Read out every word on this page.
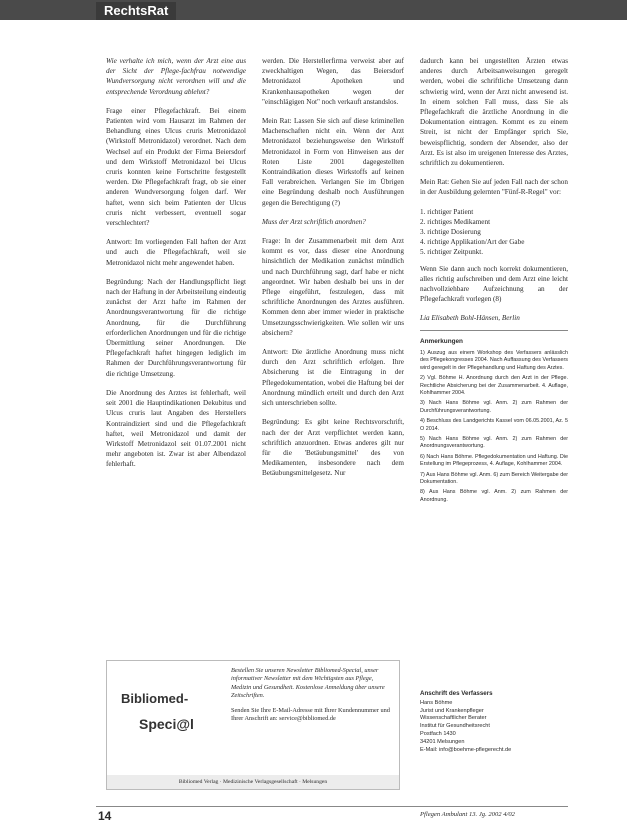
RechtsRat

Wie verhalte ich mich, wenn der Arzt eine aus der Sicht der Pflege-fachfrau notwendige Wundversorgung nicht verordnen will und die entsprechende Verordnung ablehnt?

Frage einer Pflegefachkraft. Bei einem Patienten wird vom Hausarzt im Rahmen der Behandlung eines Ulcus cruris Metronidazol (Wirkstoff Metronidazol) verordnet. Nach dem Wechsel auf ein Produkt der Firma Beiersdorf und dem Wirkstoff Metronidazol bei Ulcus cruris konnten keine Fortschritte festgestellt werden. Die Pflegefachkraft fragt, ob sie einer anderen Wundversorgung folgen darf. Wer haftet, wenn sich beim Patienten der Ulcus cruris nicht verbessert, eventuell sogar verschlechtert?

Antwort: Im vorliegenden Fall haften der Arzt und auch die Pflegefachkraft, weil sie Metronidazol nicht mehr angewendet haben.

Begründung: Nach der Handlungspflicht liegt nach der Haftung in der Arbeitsteilung eindeutig zunächst der Arzt hafte im Rahmen der Anordnungsverantwortung für die richtige Anordnung, für die Durchführung erforderlichen Anordnungen und für die richtige Übermittlung seiner Anordnungen. Die Pflegefachkraft haftet hingegen lediglich im Rahmen der Durchführungsverantwortung für die richtige Umsetzung.

Die Anordnung des Arztes ist fehlerhaft, weil seit 2001 die Hauptindikationen Dekubitus und Ulcus cruris laut Angaben des Herstellers Kontraindiziert sind und die Pflegefachkraft haftet, weil Metronidazol und damit der Wirkstoff Metronidazol seit 01.07.2001 nicht mehr angeboten ist. Zwar ist aber Albendazol fehlerhaft.

werden. Die Herstellerfirma verweist aber auf zweckhaltigen Wegen, das Beiersdorf Metronidazol Apotheken und Krankenhausapotheken wegen der "einschlägigen Not" noch verkauft anstandslos.

Mein Rat: Lassen Sie sich auf diese kriminellen Machenschaften nicht ein. Wenn der Arzt Metronidazol beziehungsweise den Wirkstoff Metronidazol in Form von Hinweisen aus der Roten Liste 2001 dagegestellten Kontraindikation dieses Wirkstoffs auf keinen Fall verabreichen. Verlangen Sie im Übrigen eine Begründung deshalb noch Ausführungen gegen die Berechtigung (?)

Muss der Arzt schriftlich anordnen?

Frage: In der Zusammenarbeit mit dem Arzt kommt es vor, dass dieser eine Anordnung hinsichtlich der Medikation zunächst mündlich und nach Durchführung sagt, darf habe er nicht angeordnet. Wir haben deshalb bei uns in der Pflege eingeführt, festzulegen, dass mit schriftliche Anordnungen des Arztes ausführen. Kommen denn aber immer wieder in praktische Umsetzungsschwierigkeiten. Wie sollen wir uns absichern?

Antwort: Die ärztliche Anordnung muss nicht durch den Arzt schriftlich erfolgen. Ihre Absicherung ist die Eintragung in der Pflegedokumentation, wobei die Haftung bei der Anordnung mündlich erteilt und durch den Arzt sich unterschrieben sollte.

Begründung: Es gibt keine Rechtsvorschrift, nach der der Arzt verpflichtet werden kann, schriftlich anzuordnen. Etwas anderes gilt nur für die 'Betäubungsmittel' des von Medikamenten, insbesondere nach dem Betäubungsmittelgesetz. Nur

dadurch kann bei ungestellten Ärzten etwas anderes durch Arbeitsanweisungen geregelt werden, wobei die schriftliche Umsetzung dann schwierig wird, wenn der Arzt nicht anwesend ist. In einem solchen Fall muss, dass Sie als Pflegefachkraft die ärztliche Anordnung in die Dokumentation eintragen. Kommt es zu einem Streit, ist nicht der Empfänger sprich Sie, beweispflichtig, sondern der Absender, also der Arzt. Es ist also im ureigenen Interesse des Arztes, schriftlich zu dokumentieren.

Mein Rat: Gehen Sie auf jeden Fall nach der schon in der Ausbildung gelernten "Fünf-R-Regel" vor:

1. richtiger Patient
2. richtiges Medikament
3. richtige Dosierung
4. richtige Applikation/Art der Gabe
5. richtiger Zeitpunkt.

Wenn Sie dann auch noch korrekt dokumentieren, alles richtig aufschreiben und dem Arzt eine leicht nachvollziehbare Aufzeichnung an der Pflegefachkraft vorlegen (8)

Lia Elisabeth Bohl-Hänsen, Berlin
Anmerkungen
1) Auszug aus einem Workshop des Verfassers anlässlich des Pflegekongresses 2004. Nach Auffassung des Verfassers wird geregelt in der Pflegehandlung und Haftung des Arztes.
2) Vgl. Böhme H. Anordnung durch den Arzt in der Pflege. Rechtliche Absicherung bei der Zusammenarbeit. 4. Auflage, Kohlhammer 2004.
3) Nach Hans Böhme vgl. Anm. 2) zum Rahmen der Durchführungsverantwortung.
4) Beschluss des Landgerichts Kassel vom 06.05.2001, Az. 5 O 2014.
5) Nach Hans Böhme vgl. Anm. 2) zum Rahmen der Anordnungsverantwortung.
6) Nach Hans Böhme. Pflegedokumentation und Haftung. Die Erstellung im Pflegeprozess, 4. Auflage, Kohlhammer 2004.
7) Aus Hans Böhme vgl. Anm. 6) zum Bereich Weitergabe der Dokumentation.
8) Aus Hans Böhme vgl. Anm. 2) zum Rahmen der Anordnung.
Bibliomed-
Speci@l
Bestellen Sie unseren Newsletter Bibliomed-Special, unser informativer Newsletter mit dem Wichtigsten aus Pflege, Medizin und Gesundheit. Kostenlose Anmeldung über unsere Zeitschriften.
Senden Sie Ihre E-Mail-Adresse mit Ihrer Kundennummer und Ihrer Anschrift an: service@bibliomed.de
Bibliomed Verlag · Medizinische Verlagsgesellschaft · Melsungen
Anschrift des Verfassers
Hans Böhme
Jurist und Krankenpfleger
Wissenschaftlicher Berater
Institut für Gesundheitsrecht
Postfach 1430
34201 Melsungen
E-Mail: info@boehme-pflegerecht.de
14	Pflegen Ambulant 13. Jg. 2002 4/02
